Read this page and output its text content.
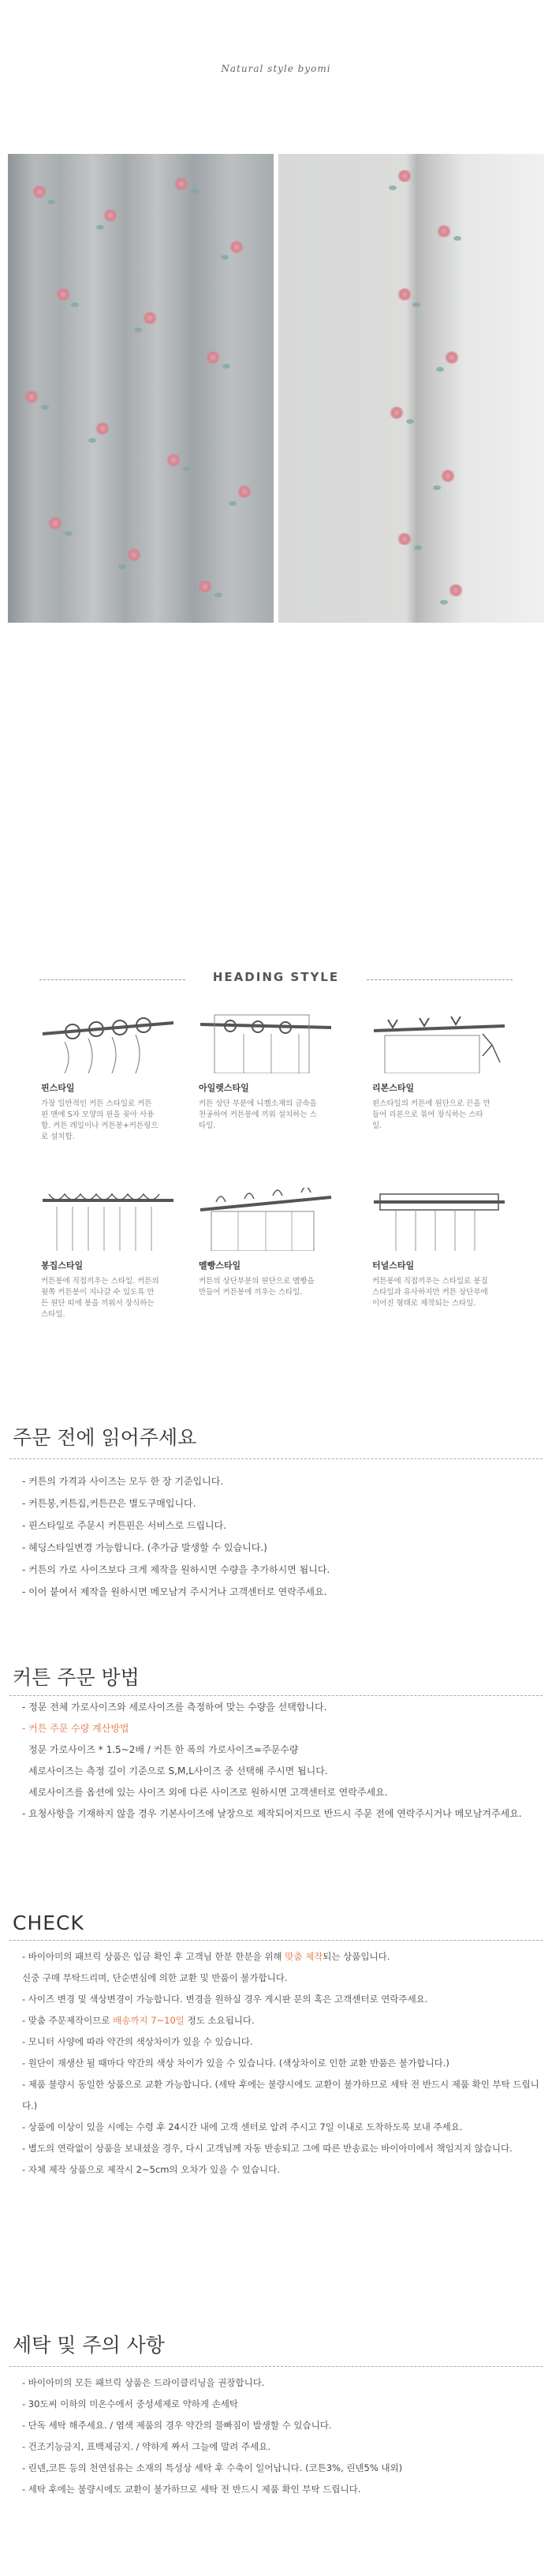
Natural style byomi
HEADING STYLE
핀스타일
가장 일반적인 커튼 스타일로 커튼 핀 맨에 S자 모양의 핀을 꽂아 사용합. 커튼 레일이나 커튼봉+커튼링으로 설치합.
아일렛스타일
커튼 상단 부분에 니켈소재의 금속을 천공하여 커튼봉에 끼워 설치하는 스타일.
리본스타일
핀스타일의 커튼에 원단으로 끈을 만들어 리본으로 묶어 장식하는 스타일.
봉집스타일
커튼봉에 직접끼우는 스타일. 커튼의 윗쪽 커튼봉이 지나갈 수 있도록 만든 원단 띠에 봉을 끼워서 장식하는 스타일.
멜빵스타일
커튼의 상단부분의 원단으로 멜빵을 만들어 커튼봉에 끼우는 스타일.
터널스타일
커튼봉에 직접끼우는 스타일로 봉집스타일과 유사하지만 커튼 상단부에 이어진 형태로 제작되는 스타일.
주문 전에 읽어주세요
- 커튼의 가격과 사이즈는 모두 한 장 기준입니다.
- 커튼봉,커튼집,커튼끈은 별도구매입니다.
- 핀스타일로 주문시 커튼핀은 서비스로 드립니다.
- 헤딩스타일변경 가능합니다. (추가금 발생할 수 있습니다.)
- 커튼의 가로 사이즈보다 크게 제작을 원하시면 수량을 추가하시면 됩니다.
- 이어 붙여서 제작을 원하시면 메모남겨 주시거나 고객센터로 연락주세요.
커튼 주문 방법
- 정문 전체 가로사이즈와 세로사이즈를 측정하여 맞는 수량을 선택합니다.
- 커튼 주문 수량 계산방법
정문 가로사이즈 * 1.5~2배 / 커튼 한 폭의 가로사이즈=주문수량
세로사이즈는 측정 길이 기준으로 S,M,L사이즈 중 선택해 주시면 됩니다.
세로사이즈를 옵션에 있는 사이즈 외에 다른 사이즈로 원하시면 고객센터로 연락주세요.
- 요청사항을 기재하지 않을 경우 기본사이즈에 날장으로 제작되어지므로 반드시 주문 전에 연락주시거나 메모남겨주세요.
CHECK
- 바이아미의 패브릭 상품은 입금 확인 후 고객님 한분 한분을 위해 맞춤 제작되는 상품입니다.
신중 구매 부탁드리며, 단순변심에 의한 교환 및 반품이 불가합니다.
- 사이즈 변경 및 색상변경이 가능합니다. 변경을 원하실 경우 게시판 문의 혹은 고객센터로 연락주세요.
- 맞춤 주문제작이므로 배송까지 7~10일 정도 소요됩니다.
- 모니터 사양에 따라 약간의 색상차이가 있을 수 있습니다.
- 원단이 재생산 될 때마다 약간의 색상 차이가 있을 수 있습니다. (색상차이로 인한 교환 반품은 불가합니다.)
- 제품 불량시 동일한 상품으로 교환 가능합니다. (세탁 후에는 불량시에도 교환이 불가하므로 세탁 전 반드시 제품 확인 부탁 드립니다.)
- 상품에 이상이 있을 시에는 수령 후 24시간 내에 고객 센터로 알려 주시고 7일 이내로 도착하도록 보내 주세요.
- 별도의 연락없이 상품을 보내셨을 경우, 다시 고객님께 자동 반송되고 그에 따른 반송료는 바이아미에서 책임지지 않습니다.
- 자체 제작 상품으로 제작시 2~5cm의 오차가 있을 수 있습니다.
세탁 및 주의 사항
- 바이아미의 모든 패브릭 상품은 드라이클리닝을 권장합니다.
- 30도씨 이하의 미온수에서 중성세제로 약하게 손세탁
- 단독 세탁 해주세요. / 염색 제품의 경우 약간의 물빠짐이 발생할 수 있습니다.
- 건조기능금지, 표백제금지. / 약하게 짜서 그늘에 말려 주세요.
- 린넨,코튼 등의 천연섬유는 소재의 특성상 세탁 후 수축이 일어납니다. (코튼3%, 린넨5% 내외)
- 세탁 후에는 불량시에도 교환이 불가하므로 세탁 전 반드시 제품 확인 부탁 드립니다.
